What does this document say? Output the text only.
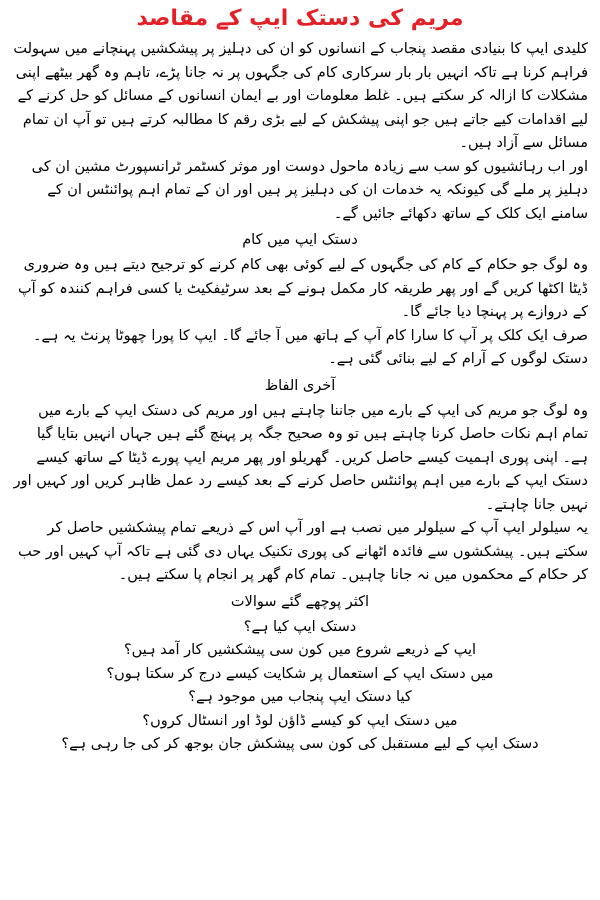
مریم کی دستک ایپ کے مقاصد

کلیدی ایپ کا بنیادی مقصد پنجاب کے انسانوں کو ان کی دہلیز پر پیشکشیں پہنچانے میں سہولت فراہم کرنا ہے تاکہ انہیں بار بار سرکاری کام کی جگہوں پر نہ جانا پڑے، تاہم وہ گھر بیٹھے اپنی مشکلات کا ازالہ کر سکتے ہیں۔ غلط معلومات اور بے ایمان انسانوں کے مسائل کو حل کرنے کے لیے اقدامات کیے جاتے ہیں جو اپنی پیشکش کے لیے بڑی رقم کا مطالبہ کرتے ہیں تو آپ ان تمام مسائل سے آزاد ہیں۔

اور اب رہائشیوں کو سب سے زیادہ ماحول دوست اور موثر کسٹمر ٹرانسپورٹ مشین ان کی دہلیز پر ملے گی کیونکہ یہ خدمات ان کی دہلیز پر ہیں اور ان کے تمام اہم پوائنٹس ان کے سامنے ایک کلک کے ساتھ دکھائے جائیں گے۔

دستک ایپ میں کام

وہ لوگ جو حکام کے کام کی جگہوں کے لیے کوئی بھی کام کرنے کو ترجیح دیتے ہیں وہ ضروری ڈیٹا اکٹھا کریں گے اور پھر طریقہ کار مکمل ہونے کے بعد سرٹیفکیٹ یا کسی فراہم کنندہ کو آپ کے دروازے پر پہنچا دیا جائے گا۔

صرف ایک کلک پر آپ کا سارا کام آپ کے ہاتھ میں آ جائے گا۔ ایپ کا پورا چھوٹا پرنٹ یہ ہے۔ دستک لوگوں کے آرام کے لیے بنائی گئی ہے۔

آخری الفاظ

وہ لوگ جو مریم کی ایپ کے بارے میں جاننا چاہتے ہیں اور مریم کی دستک ایپ کے بارے میں تمام اہم نکات حاصل کرنا چاہتے ہیں تو وہ صحیح جگہ پر پہنچ گئے ہیں جہاں انہیں بتایا گیا ہے۔ اپنی پوری اہمیت کیسے حاصل کریں۔ گھریلو اور پھر مریم ایپ پورے ڈیٹا کے ساتھ کیسے دستک ایپ کے بارے میں اہم پوائنٹس حاصل کرنے کے بعد کیسے رد عمل ظاہر کریں اور کہیں اور نہیں جانا چاہتے۔

یہ سیلولر ایپ آپ کے سیلولر میں نصب ہے اور آپ اس کے ذریعے تمام پیشکشیں حاصل کر سکتے ہیں۔ پیشکشوں سے فائدہ اٹھانے کی پوری تکنیک یہاں دی گئی ہے تاکہ آپ کہیں اور حب کر حکام کے محکموں میں نہ جانا چاہیں۔ تمام کام گھر پر انجام پا سکتے ہیں۔

اکثر پوچھے گئے سوالات
دستک ایپ کیا ہے؟
ایپ کے ذریعے شروع میں کون سی پیشکشیں کار آمد ہیں؟
میں دستک ایپ کے استعمال پر شکایت کیسے درج کر سکتا ہوں؟
کیا دستک ایپ پنجاب میں موجود ہے؟
میں دستک ایپ کو کیسے ڈاؤن لوڈ اور انسٹال کروں؟
دستک ایپ کے لیے مستقبل کی کون سی پیشکش جان بوجھ کر کی جا رہی ہے؟
